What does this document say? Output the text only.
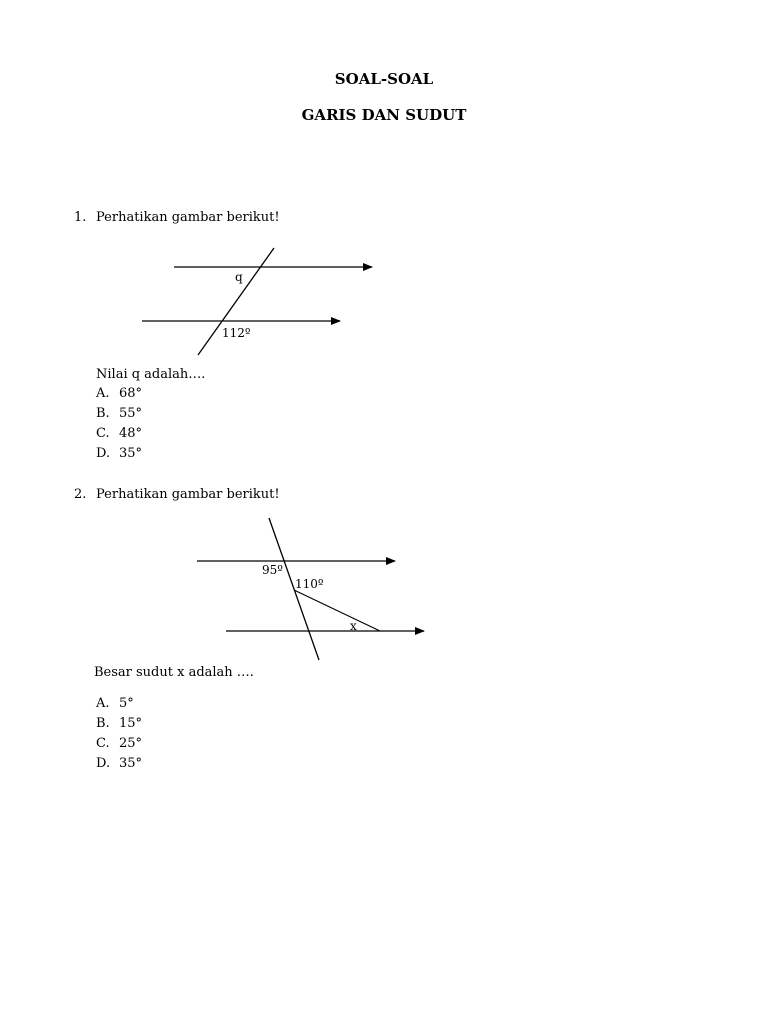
SOAL-SOAL
GARIS DAN SUDUT
1. Perhatikan gambar berikut!
q
112º
95º
110º
x
Nilai q adalah….
A. 68°
B. 55°
C. 48°
D. 35°
2. Perhatikan gambar berikut!
Besar sudut x adalah ….
A. 5°
B. 15°
C. 25°
D. 35°
